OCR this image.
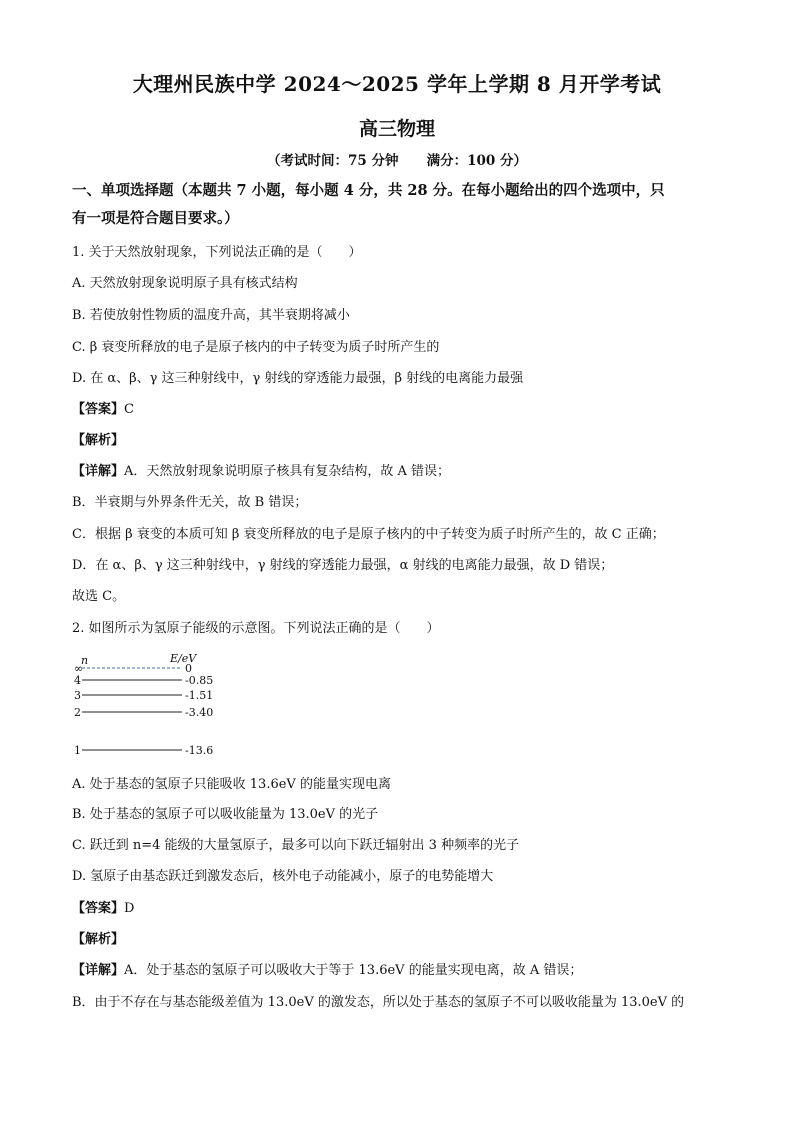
大理州民族中学 2024～2025 学年上学期 8 月开学考试
高三物理
（考试时间：75 分钟      满分：100 分）
一、单项选择题（本题共 7 小题，每小题 4 分，共 28 分。在每小题给出的四个选项中，只
有一项是符合题目要求。）
1. 关于天然放射现象，下列说法正确的是（　　）
A. 天然放射现象说明原子具有核式结构
B. 若使放射性物质的温度升高，其半衰期将减小
C. β 衰变所释放的电子是原子核内的中子转变为质子时所产生的
D. 在 α、β、γ 这三种射线中，γ 射线的穿透能力最强，β 射线的电离能力最强
【答案】C
【解析】
【详解】A．天然放射现象说明原子核具有复杂结构，故 A 错误；
B．半衰期与外界条件无关，故 B 错误；
C．根据 β 衰变的本质可知 β 衰变所释放的电子是原子核内的中子转变为质子时所产生的，故 C 正确；
D．在 α、β、γ 这三种射线中，γ 射线的穿透能力最强，α 射线的电离能力最强，故 D 错误；
故选 C。
2. 如图所示为氢原子能级的示意图。下列说法正确的是（　　）
n	E/eV
∞	0
4	-0.85
3	-1.51
2	-3.40
1	-13.6
A. 处于基态的氢原子只能吸收 13.6eV 的能量实现电离
B. 处于基态的氢原子可以吸收能量为 13.0eV 的光子
C. 跃迁到 n=4 能级的大量氢原子，最多可以向下跃迁辐射出 3 种频率的光子
D. 氢原子由基态跃迁到激发态后，核外电子动能减小，原子的电势能增大
【答案】D
【解析】
【详解】A．处于基态的氢原子可以吸收大于等于 13.6eV 的能量实现电离，故 A 错误；
B．由于不存在与基态能级差值为 13.0eV 的激发态，所以处于基态的氢原子不可以吸收能量为 13.0eV 的
